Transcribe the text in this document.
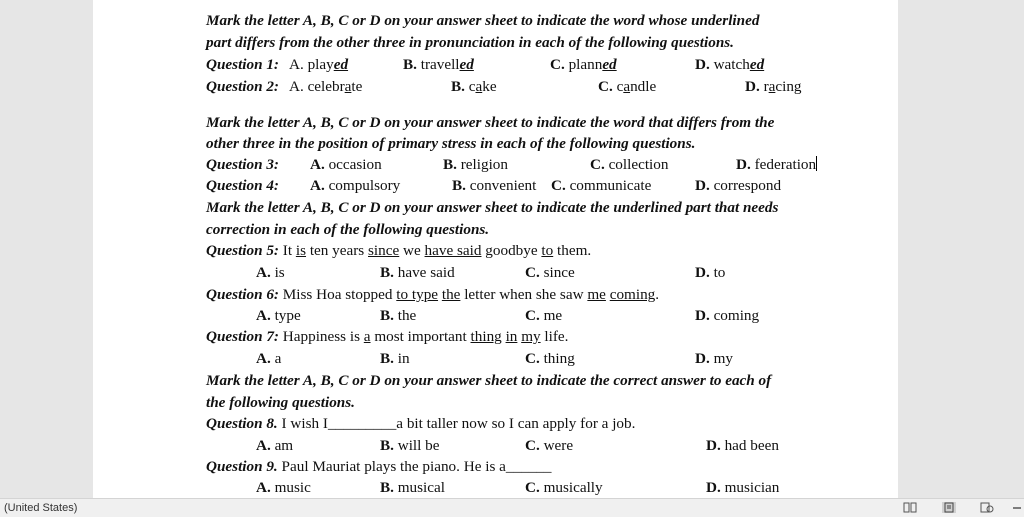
Mark the letter A, B, C or D on your answer sheet to indicate the word whose underlined
part differs from the other three in pronunciation in each of the following questions.
Question 1: A. played	B. travelled	C. planned	D. watched
Question 2: A. celebrate	B. cake	C. candle	D. racing
Mark the letter A, B, C or D on your answer sheet to indicate the word that differs from the
other three in the position of primary stress in each of the following questions.
Question 3: A. occasion	B. religion	C. collection	D. federation
Question 4: A. compulsory	B. convenient C. communicate	D. correspond
Mark the letter A, B, C or D on your answer sheet to indicate the underlined part that needs
correction in each of the following questions.
Question 5: It is ten years since we have said goodbye to them.
A. is	B. have said	C. since	D. to
Question 6: Miss Hoa stopped to type the letter when she saw me coming.
A. type	B. the	C. me	D. coming
Question 7: Happiness is a most important thing in my life.
A. a	B. in	C. thing	D. my
Mark the letter A, B, C or D on your answer sheet to indicate the correct answer to each of
the following questions.
Question 8. I wish I_________a bit taller now so I can apply for a job.
A. am	B. will be	C. were	D. had been
Question 9. Paul Mauriat plays the piano. He is a______
A. music	B. musical	C. musically	D. musician
(United States)
